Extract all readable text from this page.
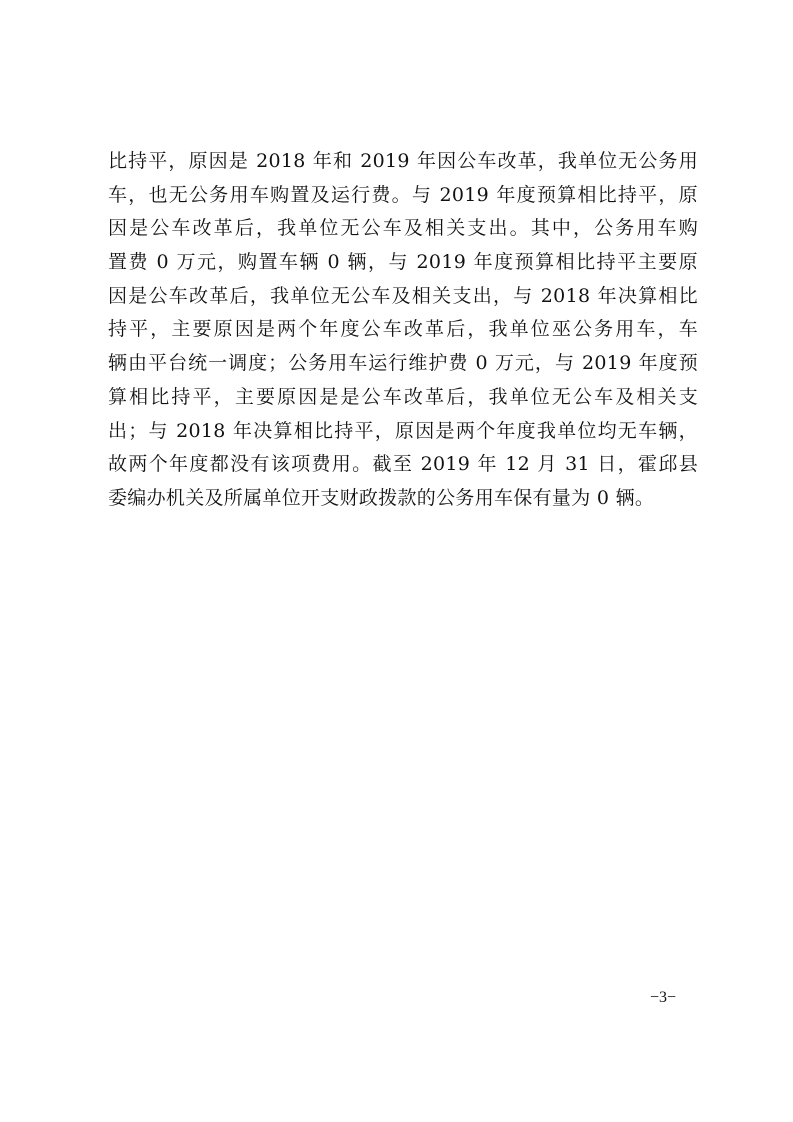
比持平，原因是 2018 年和 2019 年因公车改革，我单位无公务用
车，也无公务用车购置及运行费。与 2019 年度预算相比持平，原
因是公车改革后，我单位无公车及相关支出。其中，公务用车购
置费 0 万元，购置车辆 0 辆，与 2019 年度预算相比持平主要原
因是公车改革后，我单位无公车及相关支出，与 2018 年决算相比
持平，主要原因是两个年度公车改革后，我单位巫公务用车，车
辆由平台统一调度；公务用车运行维护费 0 万元，与 2019 年度预
算相比持平，主要原因是是公车改革后，我单位无公车及相关支
出；与 2018 年决算相比持平，原因是两个年度我单位均无车辆，
故两个年度都没有该项费用。截至 2019 年 12 月 31 日，霍邱县
委编办机关及所属单位开支财政拨款的公务用车保有量为 0 辆。
−3−
